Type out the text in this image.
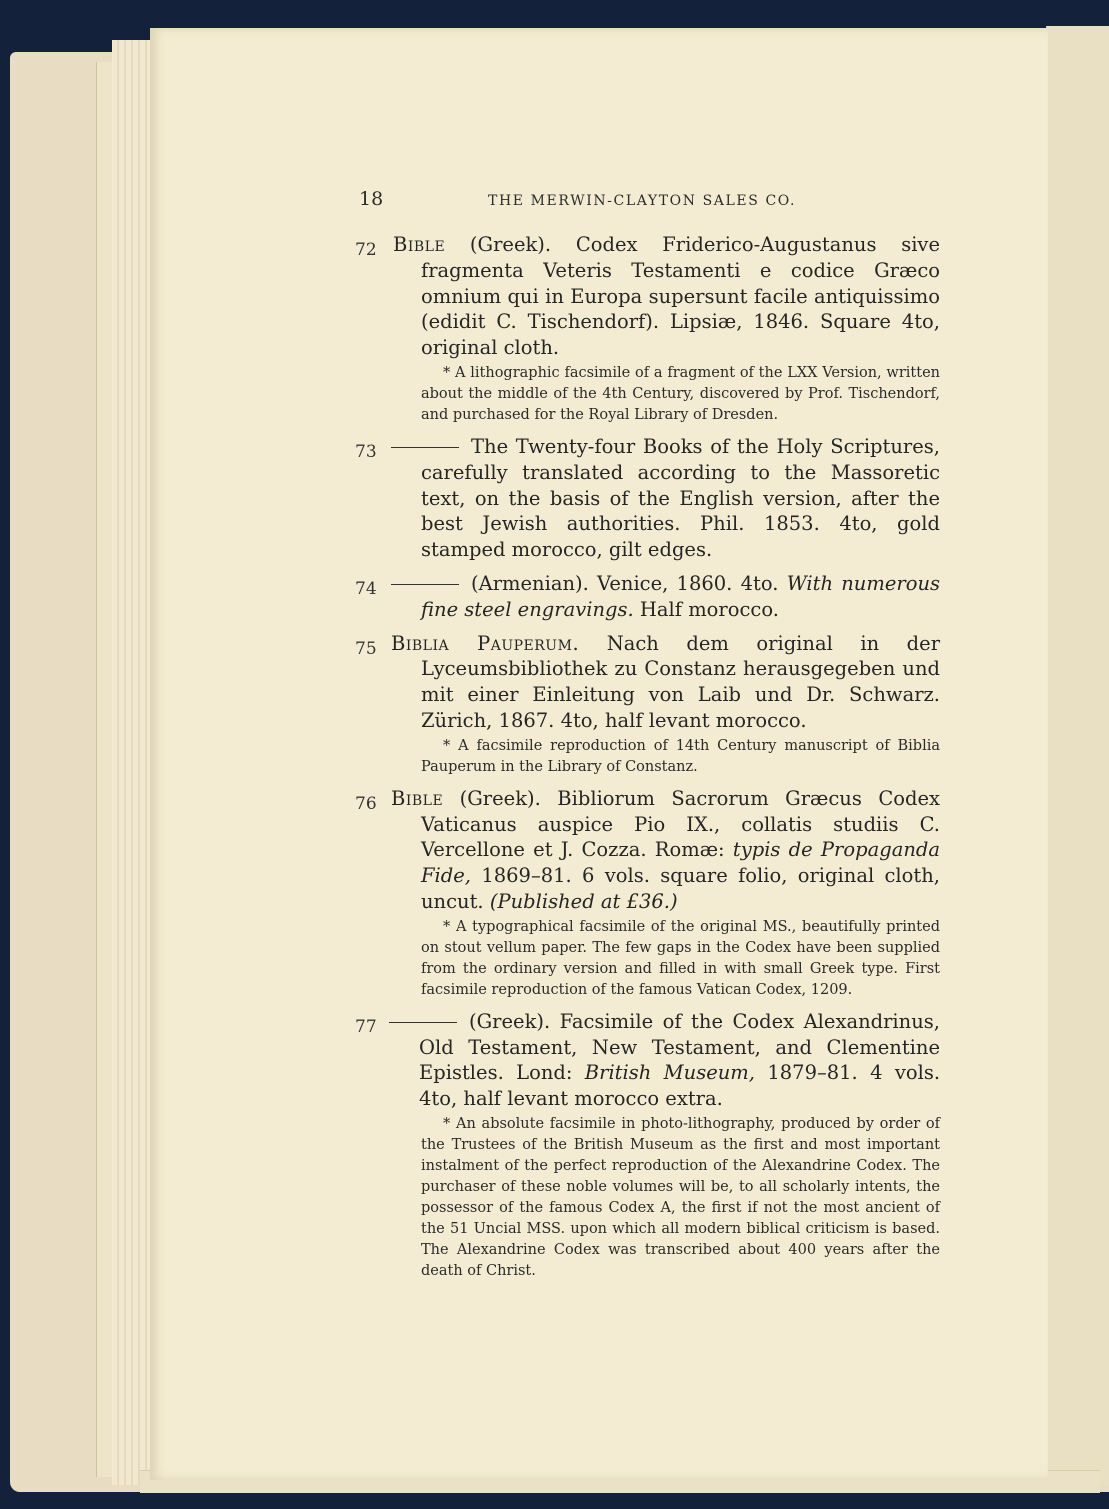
18	THE MERWIN-CLAYTON SALES CO.
72 Bible (Greek). Codex Friderico-Augustanus sive fragmenta Veteris Testamenti e codice Græco omnium qui in Europa supersunt facile antiquissimo (edidit C. Tischendorf). Lipsiæ, 1846. Square 4to, original cloth.
* A lithographic facsimile of a fragment of the LXX Version, written about the middle of the 4th Century, discovered by Prof. Tischendorf, and purchased for the Royal Library of Dresden.
73	The Twenty-four Books of the Holy Scriptures, carefully translated according to the Massoretic text, on the basis of the English version, after the best Jewish authorities. Phil. 1853. 4to, gold stamped morocco, gilt edges.
74	(Armenian). Venice, 1860. 4to. With numerous fine steel engravings. Half morocco.
75 Biblia Pauperum. Nach dem original in der Lyceumsbibliothek zu Constanz herausgegeben und mit einer Einleitung von Laib und Dr. Schwarz. Zürich, 1867. 4to, half levant morocco.
* A facsimile reproduction of 14th Century manuscript of Biblia Pauperum in the Library of Constanz.
76 Bible (Greek). Bibliorum Sacrorum Græcus Codex Vaticanus auspice Pio IX., collatis studiis C. Vercellone et J. Cozza. Romæ: typis de Propaganda Fide, 1869–81. 6 vols. square folio, original cloth, uncut. (Published at £36.)
* A typographical facsimile of the original MS., beautifully printed on stout vellum paper. The few gaps in the Codex have been supplied from the ordinary version and filled in with small Greek type. First facsimile reproduction of the famous Vatican Codex, 1209.
77	(Greek). Facsimile of the Codex Alexandrinus, Old Testament, New Testament, and Clementine Epistles. Lond: British Museum, 1879–81. 4 vols. 4to, half levant morocco extra.
* An absolute facsimile in photo-lithography, produced by order of the Trustees of the British Museum as the first and most important instalment of the perfect reproduction of the Alexandrine Codex. The purchaser of these noble volumes will be, to all scholarly intents, the possessor of the famous Codex A, the first if not the most ancient of the 51 Uncial MSS. upon which all modern biblical criticism is based. The Alexandrine Codex was transcribed about 400 years after the death of Christ.
